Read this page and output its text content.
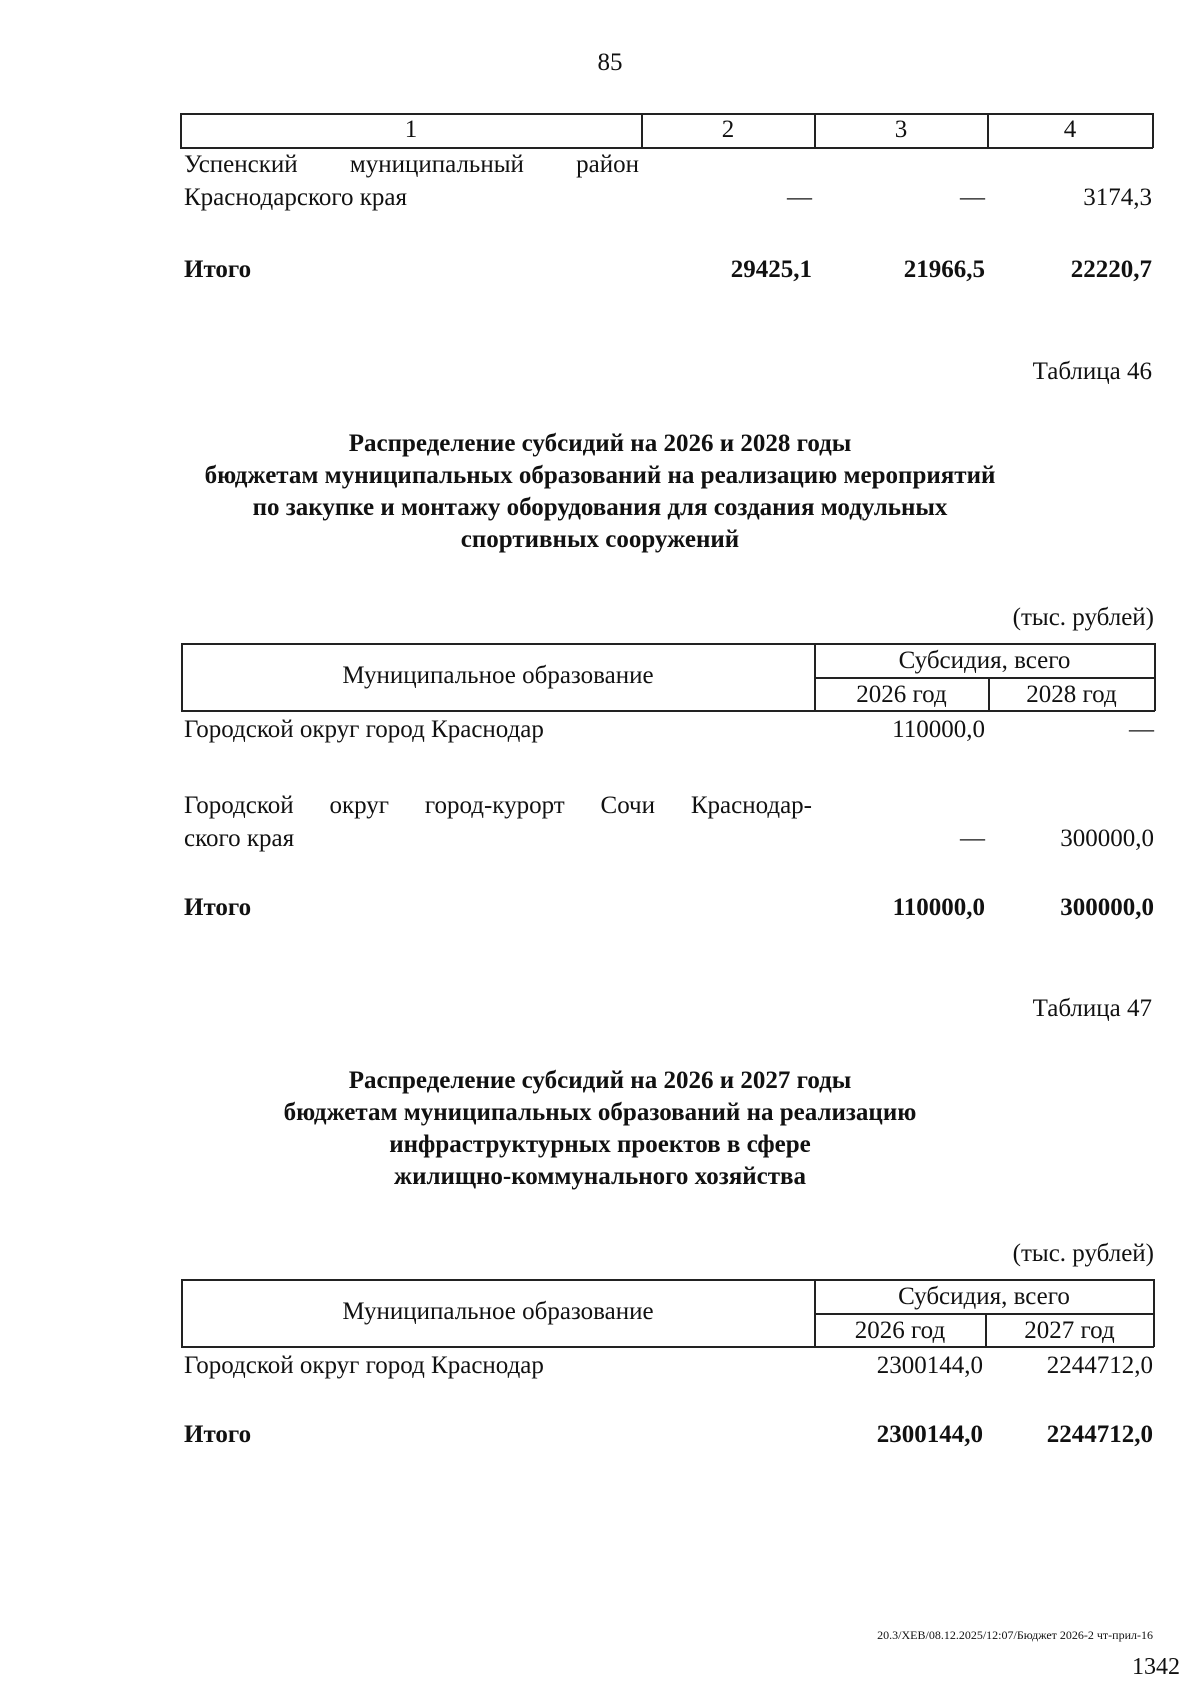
85
1	2	3	4
Успенский муниципальный район
Краснодарского края	—	—	3174,3
Итого	29425,1	21966,5	22220,7
Таблица 46
Распределение субсидий на 2026 и 2028 годы
бюджетам муниципальных образований на реализацию мероприятий
по закупке и монтажу оборудования для создания модульных
спортивных сооружений
(тыс. рублей)
Муниципальное образование
Субсидия, всего
2026 год	2028 год
Городской округ город Краснодар	110000,0	—
Городской округ город-курорт Сочи Краснодар-
ского края	—	300000,0
Итого	110000,0	300000,0
Таблица 47
Распределение субсидий на 2026 и 2027 годы
бюджетам муниципальных образований на реализацию
инфраструктурных проектов в сфере
жилищно-коммунального хозяйства
(тыс. рублей)
Муниципальное образование
Субсидия, всего
2026 год	2027 год
Городской округ город Краснодар	2300144,0	2244712,0
Итого	2300144,0	2244712,0
20.3/ХЕВ/08.12.2025/12:07/Бюджет 2026-2 чт-прил-16
1342
